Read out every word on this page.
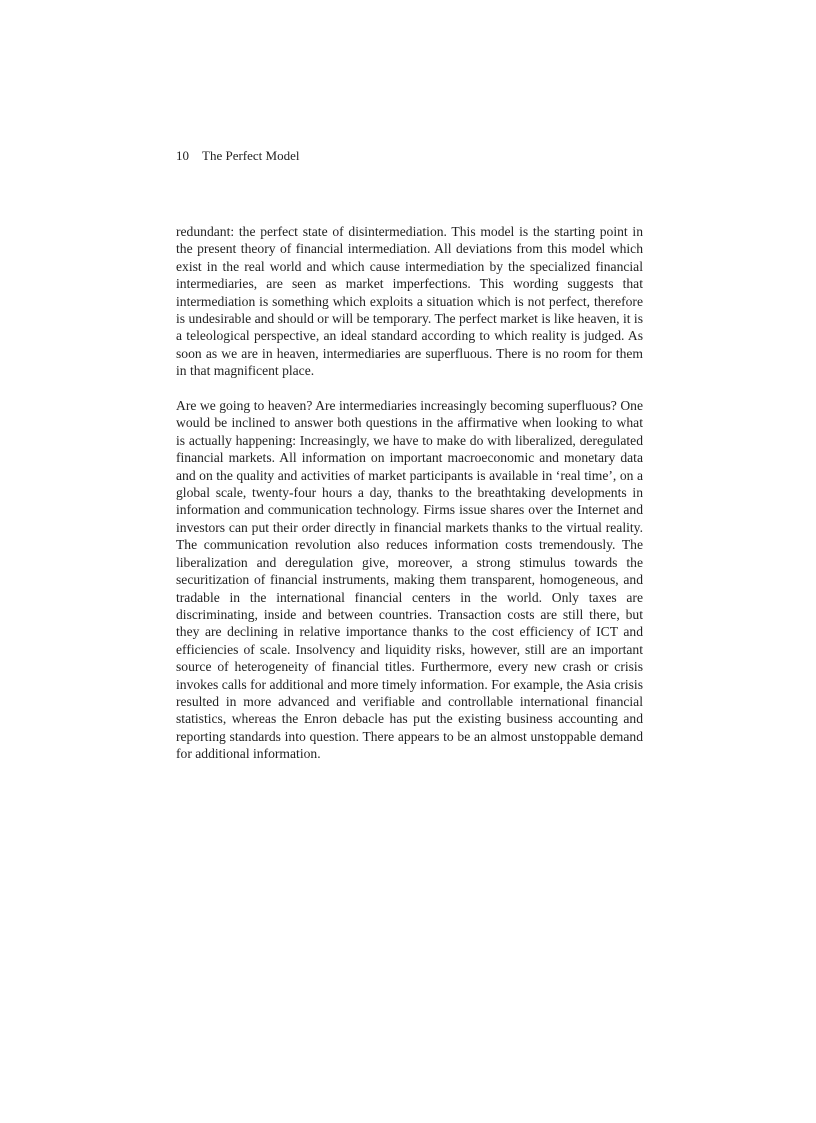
10 The Perfect Model

redundant: the perfect state of disintermediation. This model is the starting point in the present theory of financial intermediation. All deviations from this model which exist in the real world and which cause intermediation by the specialized financial intermediaries, are seen as market imperfections. This wording suggests that intermediation is something which exploits a situation which is not perfect, therefore is undesirable and should or will be temporary. The perfect market is like heaven, it is a teleological perspective, an ideal standard according to which reality is judged. As soon as we are in heaven, intermediaries are superfluous. There is no room for them in that magnificent place.

Are we going to heaven? Are intermediaries increasingly becoming superfluous? One would be inclined to answer both questions in the affirmative when looking to what is actually happening: Increasingly, we have to make do with liberalized, deregulated financial markets. All information on important macroeconomic and monetary data and on the quality and activities of market participants is available in ‘real time’, on a global scale, twenty-four hours a day, thanks to the breathtaking developments in information and communication technology. Firms issue shares over the Internet and investors can put their order directly in financial markets thanks to the virtual reality. The communication revolution also reduces information costs tremendously. The liberalization and deregulation give, moreover, a strong stimulus towards the securitization of financial instruments, making them transparent, homogeneous, and tradable in the international financial centers in the world. Only taxes are discriminating, inside and between countries. Transaction costs are still there, but they are declining in relative importance thanks to the cost efficiency of ICT and efficiencies of scale. Insolvency and liquidity risks, however, still are an important source of heterogeneity of financial titles. Furthermore, every new crash or crisis invokes calls for additional and more timely information. For example, the Asia crisis resulted in more advanced and verifiable and controllable international financial statistics, whereas the Enron debacle has put the existing business accounting and reporting standards into question. There appears to be an almost unstoppable demand for additional information.
